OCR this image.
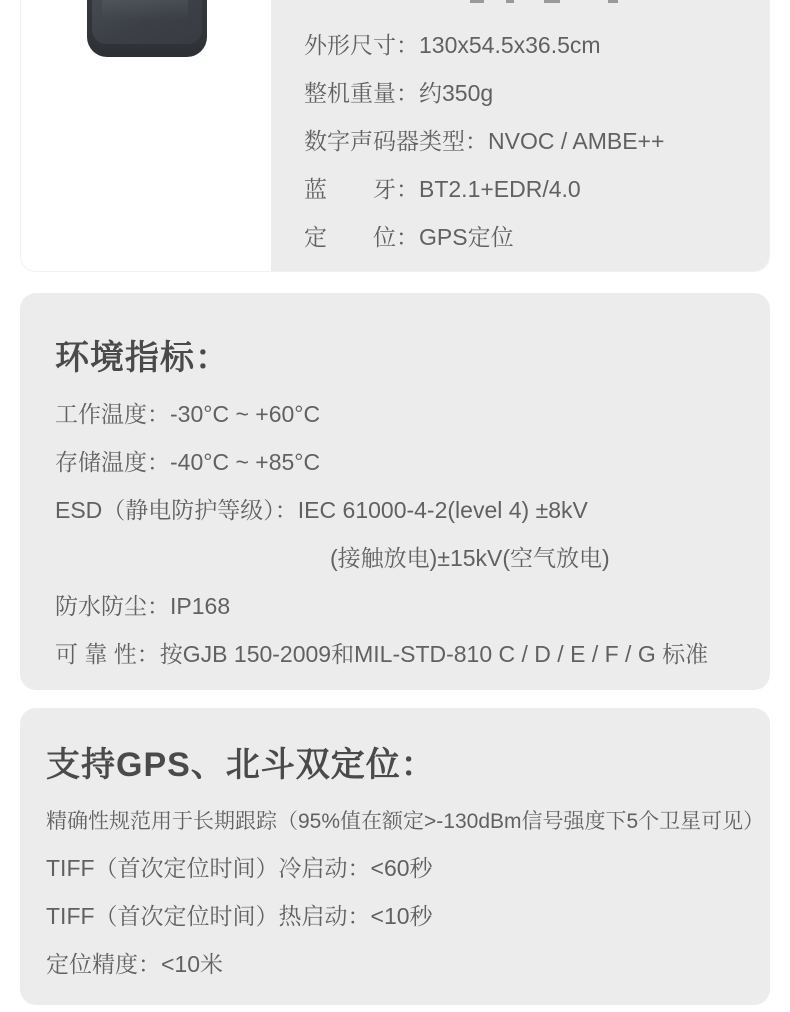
外形尺寸：130x54.5x36.5cm
整机重量：约350g
数字声码器类型：NVOC / AMBE++
蓝　　牙：BT2.1+EDR/4.0
定　　位：GPS定位
环境指标：
工作温度：-30°C ~ +60°C
存储温度：-40°C ~ +85°C
ESD（静电防护等级）：IEC 61000-4-2(level 4) ±8kV
(接触放电)±15kV(空气放电)
防水防尘：IP168
可 靠 性：按GJB 150-2009和MIL-STD-810 C / D / E / F / G 标准
支持GPS、北斗双定位：
精确性规范用于长期跟踪（95%值在额定>-130dBm信号强度下5个卫星可见）
TIFF（首次定位时间）冷启动：<60秒
TIFF（首次定位时间）热启动：<10秒
定位精度：<10米
